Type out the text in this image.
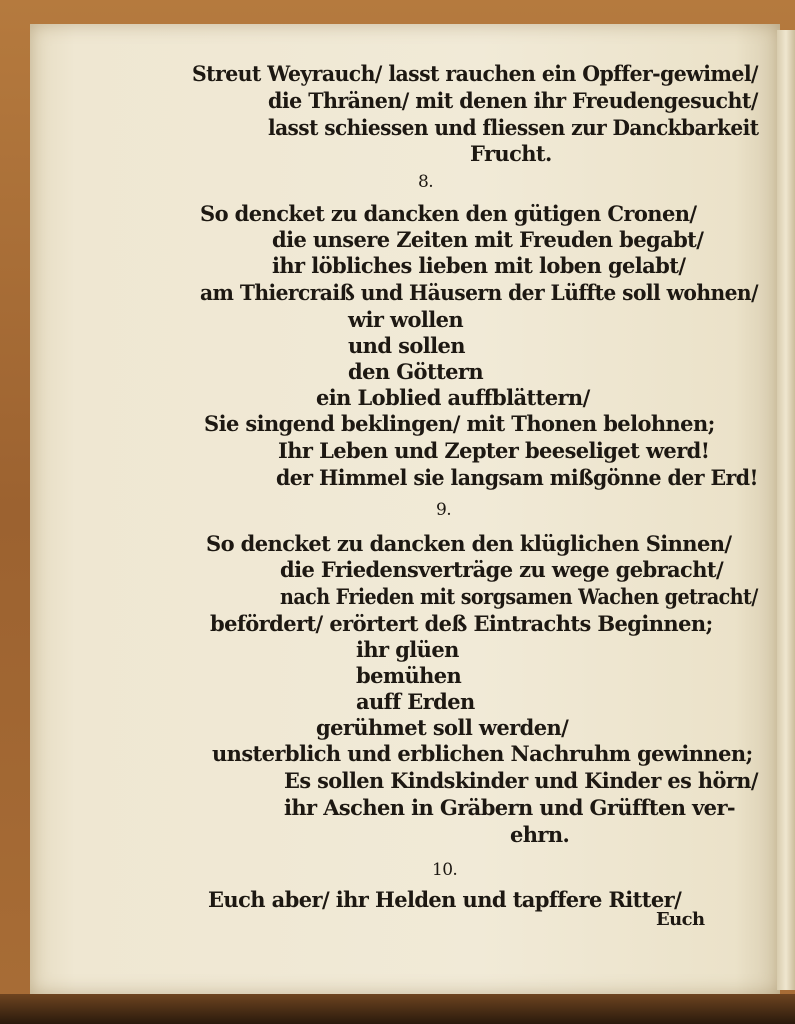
Streut Weyrauch/ lasst rauchen ein Opffer-gewimel/
die Thränen/ mit denen ihr Freudengesucht/
lasst schiessen und fliessen zur Danckbarkeit
Frucht.
8.
So dencket zu dancken den gütigen Cronen/
die unsere Zeiten mit Freuden begabt/
ihr löbliches lieben mit loben gelabt/
am Thiercraiß und Häusern der Lüffte soll wohnen/
wir wollen
und sollen
den Göttern
ein Loblied auffblättern/
Sie singend beklingen/ mit Thonen belohnen;
Ihr Leben und Zepter beeseliget werd!
der Himmel sie langsam mißgönne der Erd!
9.
So dencket zu dancken den klüglichen Sinnen/
die Friedensverträge zu wege gebracht/
nach Frieden mit sorgsamen Wachen getracht/
befördert/ erörtert deß Eintrachts Beginnen;
ihr glüen
bemühen
auff Erden
gerühmet soll werden/
unsterblich und erblichen Nachruhm gewinnen;
Es sollen Kindskinder und Kinder es hörn/
ihr Aschen in Gräbern und Grüfften ver-
ehrn.
10.
Euch aber/ ihr Helden und tapffere Ritter/
Euch
